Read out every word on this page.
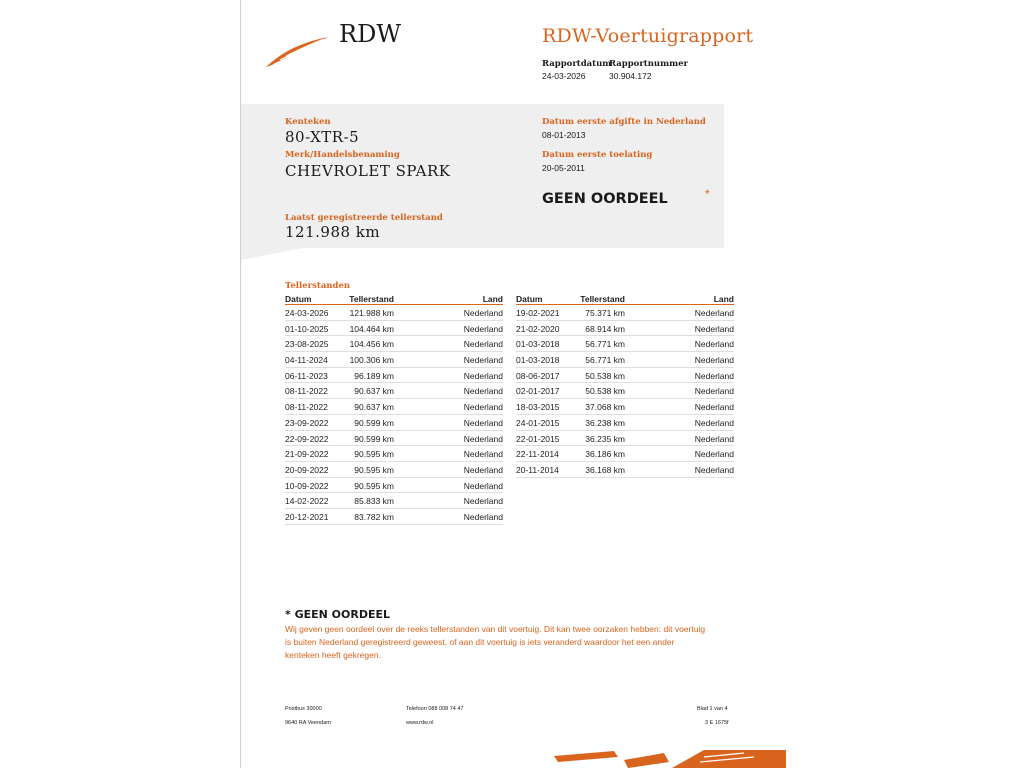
RDW	RDW-Voertuigrapport
Rapportdatum
24-03-2026
Rapportnummer
30.904.172
Kenteken
80-XTR-5
Merk/Handelsbenaming
CHEVROLET SPARK
Laatst geregistreerde tellerstand
121.988 km
Datum eerste afgifte in Nederland
08-01-2013
Datum eerste toelating
20-05-2011
GEEN OORDEEL	*
Tellerstanden
Datum	Tellerstand	Land
24-03-2026 121.988 km	Nederland
01-10-2025 104.464 km	Nederland
23-08-2025 104.456 km	Nederland
04-11-2024	100.306 km	Nederland
06-11-2023	96.189 km	Nederland
08-11-2022	90.637 km	Nederland
08-11-2022	90.637 km	Nederland
23-09-2022	90.599 km	Nederland
22-09-2022	90.599 km	Nederland
21-09-2022	90.595 km	Nederland
20-09-2022	90.595 km	Nederland
10-09-2022	90.595 km	Nederland
14-02-2022	85.833 km	Nederland
20-12-2021	83.782 km	Nederland
Datum	Tellerstand	Land
19-02-2021	75.371 km	Nederland
21-02-2020	68.914 km	Nederland
01-03-2018	56.771 km	Nederland
01-03-2018	56.771 km	Nederland
08-06-2017	50.538 km	Nederland
02-01-2017	50.538 km	Nederland
18-03-2015	37.068 km	Nederland
24-01-2015	36.238 km	Nederland
22-01-2015	36.235 km	Nederland
22-11-2014	36.186 km	Nederland
20-11-2014	36.168 km	Nederland
* GEEN OORDEEL
Wij geven geen oordeel over de reeks tellerstanden van dit voertuig. Dit kan twee oorzaken hebben: dit voertuig is buiten Nederland geregistreerd geweest, of aan dit voertuig is iets veranderd waardoor het een ander kenteken heeft gekregen.
Postbus 30000
9640 RA Veendam
Telefoon 088 008 74 47
www.rdw.nl
Blad 1 van 4
3 E 1675f
